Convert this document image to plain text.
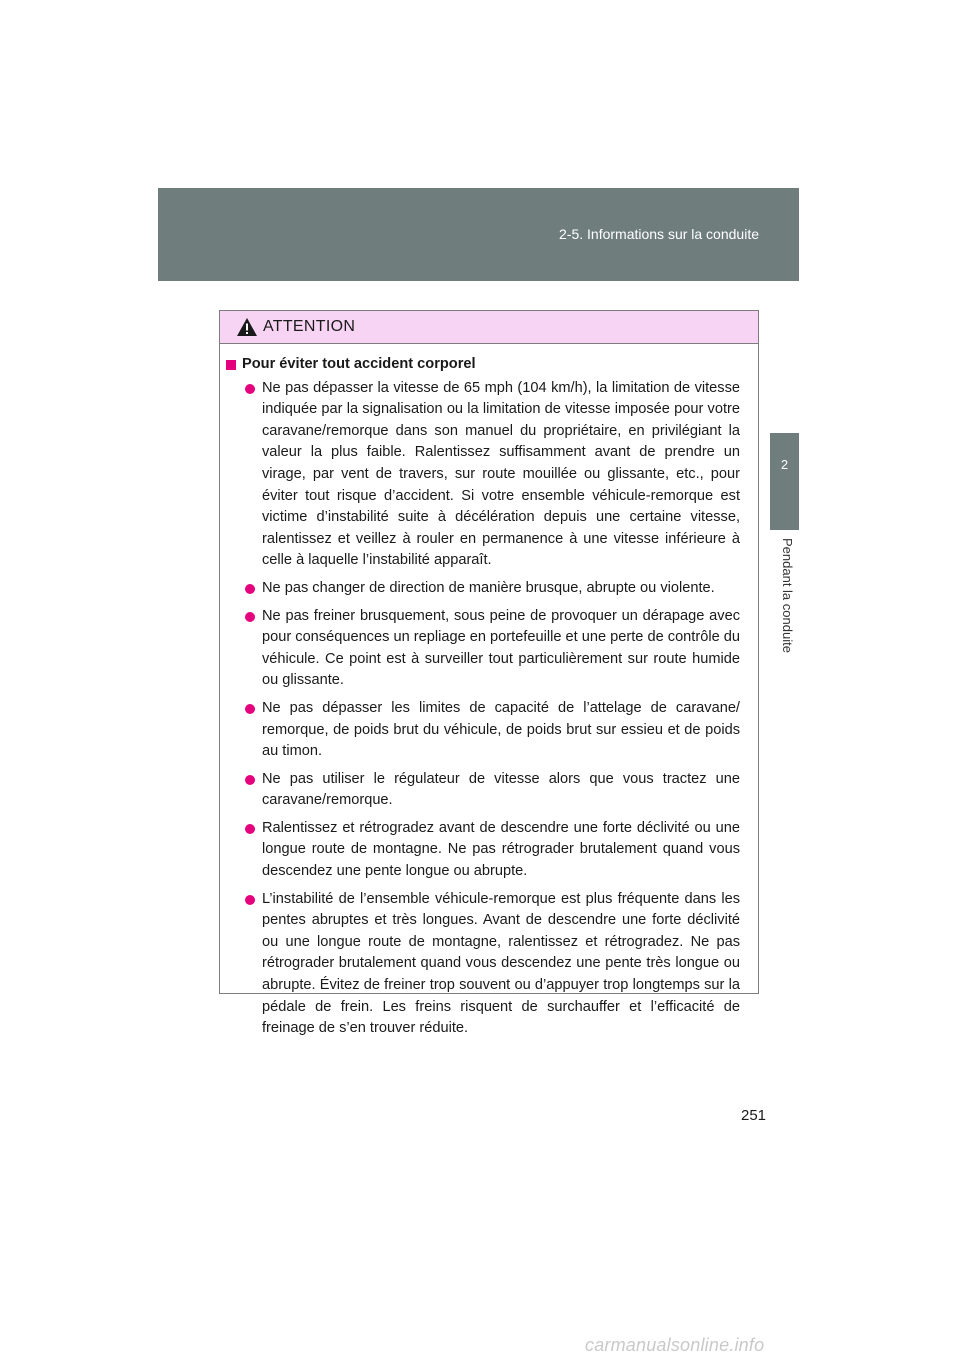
2-5. Informations sur la conduite
2
Pendant la conduite
ATTENTION
Pour éviter tout accident corporel
Ne pas dépasser la vitesse de 65 mph (104 km/h), la limitation de vitesse indiquée par la signalisation ou la limitation de vitesse imposée pour votre caravane/remorque dans son manuel du propriétaire, en privilégiant la valeur la plus faible. Ralentissez suffisamment avant de prendre un virage, par vent de travers, sur route mouillée ou glissante, etc., pour éviter tout risque d’accident. Si votre ensemble véhicule-remorque est victime d’instabilité suite à décélération depuis une certaine vitesse, ralentissez et veillez à rouler en permanence à une vitesse inférieure à celle à laquelle l’instabilité apparaît.
Ne pas changer de direction de manière brusque, abrupte ou violente.
Ne pas freiner brusquement, sous peine de provoquer un dérapage avec pour conséquences un repliage en portefeuille et une perte de contrôle du véhicule. Ce point est à surveiller tout particulièrement sur route humide ou glissante.
Ne pas dépasser les limites de capacité de l’attelage de caravane/ remorque, de poids brut du véhicule, de poids brut sur essieu et de poids au timon.
Ne pas utiliser le régulateur de vitesse alors que vous tractez une caravane/remorque.
Ralentissez et rétrogradez avant de descendre une forte déclivité ou une longue route de montagne. Ne pas rétrograder brutalement quand vous descendez une pente longue ou abrupte.
L’instabilité de l’ensemble véhicule-remorque est plus fréquente dans les pentes abruptes et très longues. Avant de descendre une forte déclivité ou une longue route de montagne, ralentissez et rétrogradez. Ne pas rétrograder brutalement quand vous descendez une pente très longue ou abrupte. Évitez de freiner trop souvent ou d’appuyer trop longtemps sur la pédale de frein. Les freins risquent de surchauffer et l’efficacité de freinage de s’en trouver réduite.
251
carmanualsonline.info
